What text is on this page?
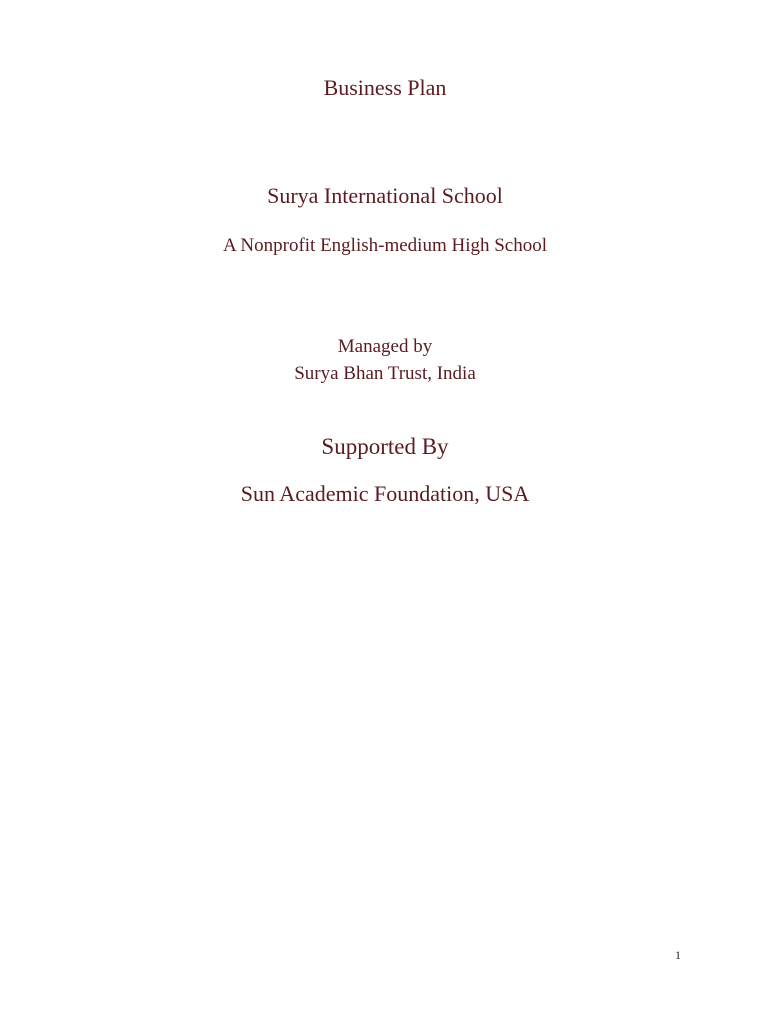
Business Plan
Surya International School
A Nonprofit English-medium High School
Managed by
Surya Bhan Trust, India
Supported By
Sun Academic Foundation, USA
1
